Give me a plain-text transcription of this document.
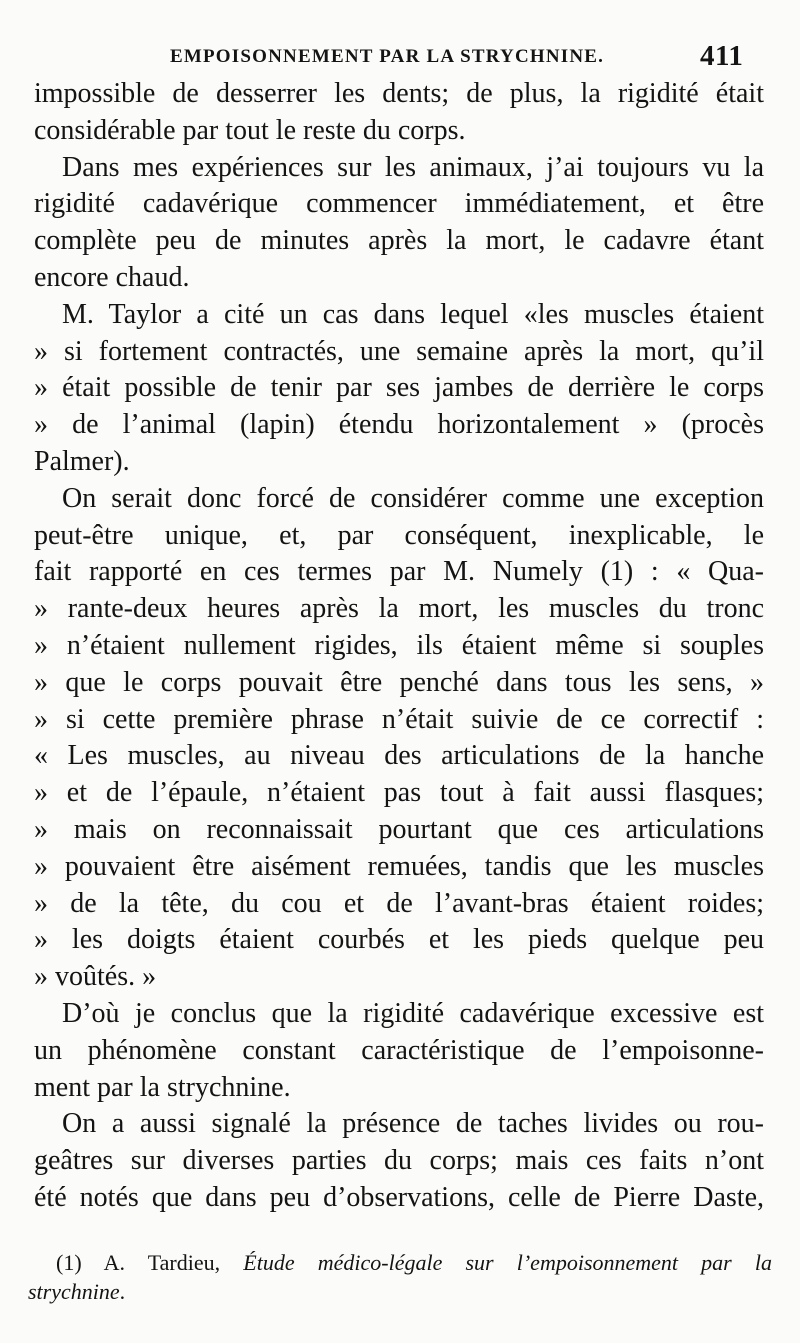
EMPOISONNEMENT PAR LA STRYCHNINE.	411
impossible de desserrer les dents; de plus, la rigidité était
considérable par tout le reste du corps.
Dans mes expériences sur les animaux, j’ai toujours vu la
rigidité cadavérique commencer immédiatement, et être
complète peu de minutes après la mort, le cadavre étant
encore chaud.
M. Taylor a cité un cas dans lequel «les muscles étaient
» si fortement contractés, une semaine après la mort, qu’il
» était possible de tenir par ses jambes de derrière le corps
» de l’animal (lapin) étendu horizontalement » (procès
Palmer).
On serait donc forcé de considérer comme une exception
peut-être unique, et, par conséquent, inexplicable, le
fait rapporté en ces termes par M. Numely (1) : « Qua-
» rante-deux heures après la mort, les muscles du tronc
» n’étaient nullement rigides, ils étaient même si souples
» que le corps pouvait être penché dans tous les sens, »
» si cette première phrase n’était suivie de ce correctif :
« Les muscles, au niveau des articulations de la hanche
» et de l’épaule, n’étaient pas tout à fait aussi flasques;
» mais on reconnaissait pourtant que ces articulations
» pouvaient être aisément remuées, tandis que les muscles
» de la tête, du cou et de l’avant-bras étaient roides;
» les doigts étaient courbés et les pieds quelque peu
» voûtés. »
D’où je conclus que la rigidité cadavérique excessive est
un phénomène constant caractéristique de l’empoisonne-
ment par la strychnine.
On a aussi signalé la présence de taches livides ou rou-
geâtres sur diverses parties du corps; mais ces faits n’ont
été notés que dans peu d’observations, celle de Pierre Daste,
(1) A. Tardieu, Étude médico-légale sur l’empoisonnement par la
strychnine.
